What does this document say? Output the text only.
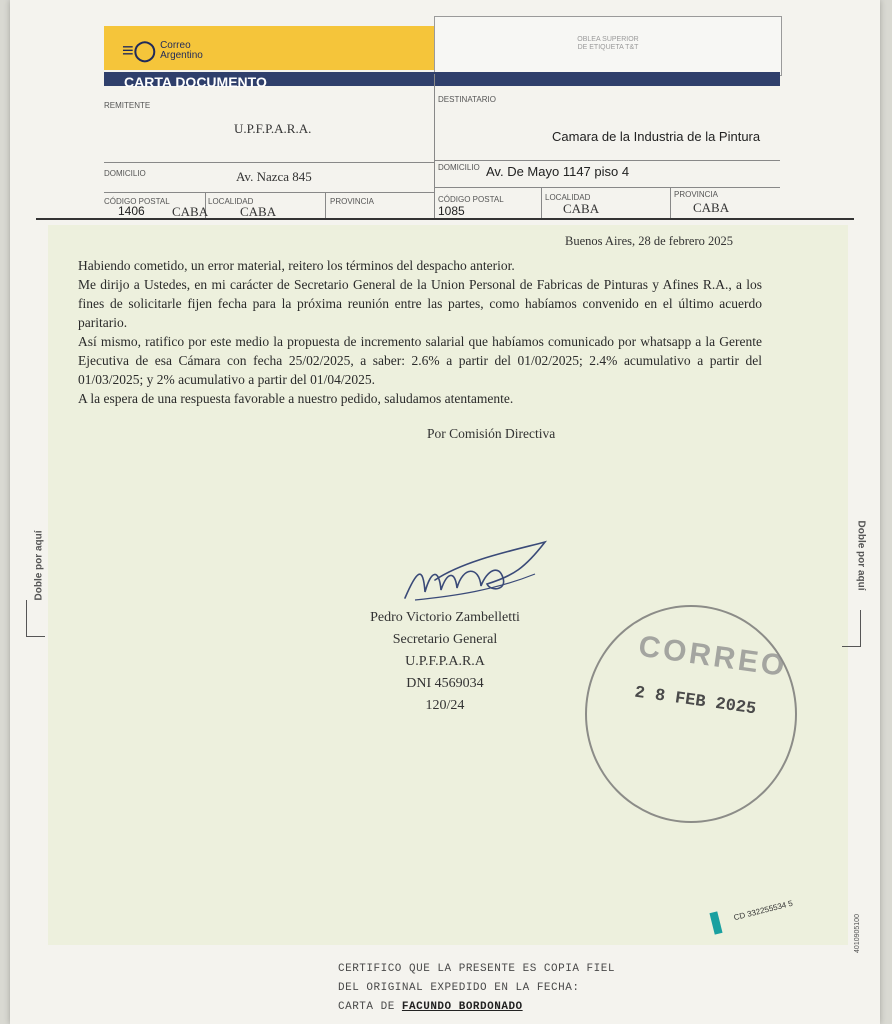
≡◯ Correo
Argentino
OBLEA SUPERIOR
DE ETIQUETA T&T
CARTA DOCUMENTO
REMITENTE
U.P.F.P.A.R.A.
DOMICILIO	Av. Nazca 845
CÓDIGO POSTAL
1406 CABA
LOCALIDAD
CABA
PROVINCIA
DESTINATARIO
Camara de la Industria de la Pintura
DOMICILIO Av. De Mayo 1147 piso 4
CÓDIGO POSTAL
1085
LOCALIDAD
CABA
PROVINCIA
CABA
Buenos Aires, 28 de febrero 2025

Habiendo cometido, un error material, reitero los términos del despacho anterior.

Me dirijo a Ustedes, en mi carácter de Secretario General de la Union Personal de Fabricas de Pinturas y Afines R.A., a los fines de solicitarle fijen fecha para la próxima reunión entre las partes, como habíamos convenido en el último acuerdo paritario.

Así mismo, ratifico por este medio la propuesta de incremento salarial que habíamos comunicado por whatsapp a la Gerente Ejecutiva de esa Cámara con fecha 25/02/2025, a saber: 2.6% a partir del 01/02/2025; 2.4% acumulativo a partir del 01/03/2025; y 2% acumulativo a partir del 01/04/2025.

A la espera de una respuesta favorable a nuestro pedido, saludamos atentamente.

Por Comisión Directiva
Pedro Victorio Zambelletti
Secretario General
U.P.F.P.A.R.A
DNI 4569034
120/24
Doble por aquí	Doble por aquí
CORREO
2 8 FEB 2025
CD 332255534 5
4010905100
CERTIFICO QUE LA PRESENTE ES COPIA FIEL
DEL ORIGINAL EXPEDIDO EN LA FECHA:
CARTA DE FACUNDO BORDONADO
